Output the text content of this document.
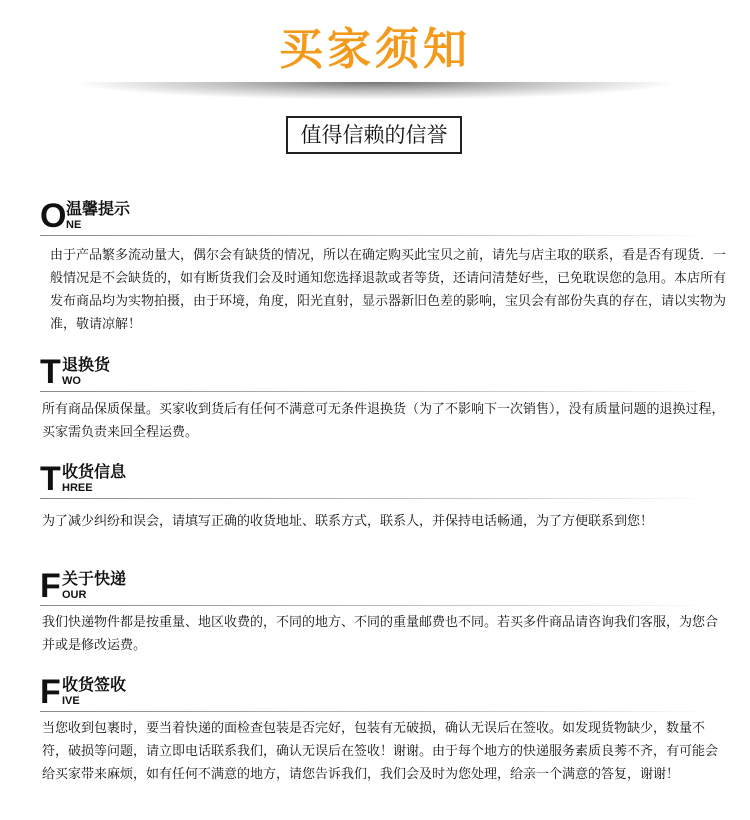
买家须知
值得信赖的信誉
O 温馨提示
NE
由于产品繁多流动量大，偶尔会有缺货的情况，所以在确定购买此宝贝之前，请先与店主取的联系，看是否有现货．一般情况是不会缺货的，如有断货我们会及时通知您选择退款或者等货，还请问清楚好些，已免耽误您的急用。本店所有发布商品均为实物拍摄，由于环境，角度，阳光直射，显示器新旧色差的影响，宝贝会有部份失真的存在，请以实物为准，敬请凉解！
T 退换货
WO
所有商品保质保量。买家收到货后有任何不满意可无条件退换货（为了不影响下一次销售），没有质量问题的退换过程，买家需负责来回全程运费。
T 收货信息
HREE
为了减少纠纷和误会，请填写正确的收货地址、联系方式，联系人，并保持电话畅通，为了方便联系到您！
F 关于快递
OUR
我们快递物件都是按重量、地区收费的，不同的地方、不同的重量邮费也不同。若买多件商品请咨询我们客服，为您合并或是修改运费。
F 收货签收
IVE
当您收到包裹时，要当着快递的面检查包装是否完好，包装有无破损，确认无误后在签收。如发现货物缺少，数量不符，破损等问题，请立即电话联系我们，确认无误后在签收！谢谢。由于每个地方的快递服务素质良莠不齐，有可能会给买家带来麻烦，如有任何不满意的地方，请您告诉我们，我们会及时为您处理，给亲一个满意的答复，谢谢！
